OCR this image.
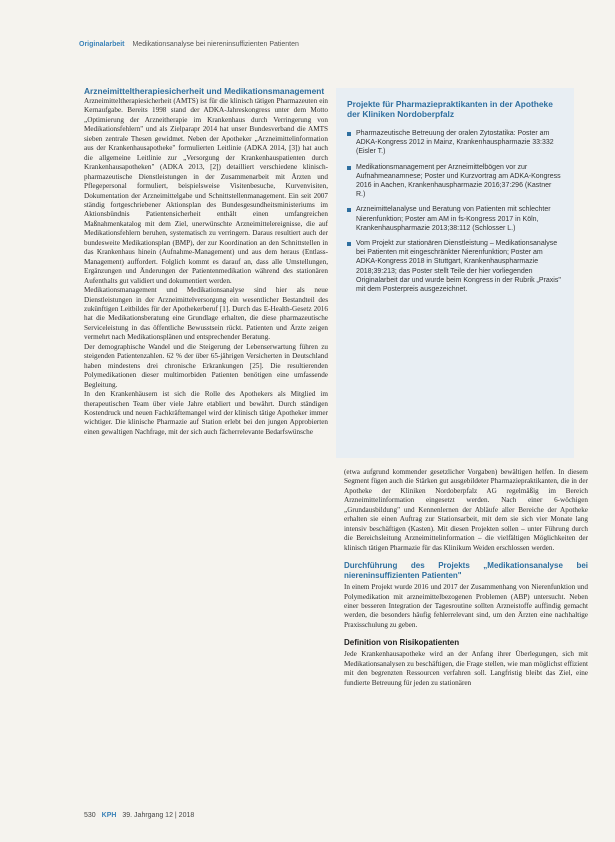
Originalarbeit Medikationsanalyse bei niereninsuffizienten Patienten
Arzneimitteltherapiesicherheit und Medikationsmanagement

Arzneimitteltherapiesicherheit (AMTS) ist für die klinisch tätigen Pharmazeuten ein Kernaufgabe. Bereits 1998 stand der ADKA-Jahreskongress unter dem Motto „Optimierung der Arzneitherapie im Krankenhaus durch Verringerung von Medikationsfehlern" und als Zielparapr 2014 hat unser Bundesverband die AMTS sieben zentrale Thesen gewidmet. Neben der Apotheker „Arzneimittelinformation aus der Krankenhausapotheke" formulierten Leitlinie (ADKA 2014, [3]) hat auch die allgemeine Leitlinie zur „Versorgung der Krankenhauspatienten durch Krankenhausapotheken" (ADKA 2013, [2]) detailliert verschiedene klinisch-pharmazeutische Dienstleistungen in der Zusammenarbeit mit Ärzten und Pflegepersonal formuliert, beispielsweise Visitenbesuche, Kurvenvisiten, Dokumentation der Arzneimittelgabe und Schnittstellenmanagement. Ein seit 2007 ständig fortgeschriebener Aktionsplan des Bundesgesundheitsministeriums im Aktionsbündnis Patientensicherheit enthält einen umfangreichen Maßnahmenkatalog mit dem Ziel, unerwünschte Arzneimittelereignisse, die auf Medikationsfehlern beruhen, systematisch zu verringern. Daraus resultiert auch der bundesweite Medikationsplan (BMP), der zur Koordination an den Schnittstellen in das Krankenhaus hinein (Aufnahme-Management) und aus dem heraus (Entlass-Management) auffordert. Folglich kommt es darauf an, dass alle Umstellungen, Ergänzungen und Änderungen der Patientenmedikation während des stationären Aufenthalts gut validiert und dokumentiert werden.

Medikationsmanagement und Medikationsanalyse sind hier als neue Dienstleistungen in der Arzneimittelversorgung ein wesentlicher Bestandteil des zukünftigen Leitbildes für der Apothekerberuf [1]. Durch das E-Health-Gesetz 2016 hat die Medikationsberatung eine Grundlage erhalten, die diese pharmazeutische Serviceleistung in das öffentliche Bewusstsein rückt. Patienten und Ärzte zeigen vermehrt nach Medikationsplänen und entsprechender Beratung.

Der demographische Wandel und die Steigerung der Lebenserwartung führen zu steigenden Patientenzahlen. 62 % der über 65-jährigen Versicherten in Deutschland haben mindestens drei chronische Erkrankungen [25]. Die resultierenden Polymedikationen dieser multimorbiden Patienten benötigen eine umfassende Begleitung.

In den Krankenhäusern ist sich die Rolle des Apothekers als Mitglied im therapeutischen Team über viele Jahre etabliert und bewährt. Durch ständigen Kostendruck und neuen Fachkräftemangel wird der klinisch tätige Apotheker immer wichtiger. Die klinische Pharmazie auf Station erlebt bei den jungen Approbierten einen gewaltigen Nachfrage, mit der sich auch fächerrelevante Bedarfswünsche

Projekte für Pharmaziepraktikanten in der Apotheke der Kliniken Nordoberpfalz
Pharmazeutische Betreuung der oralen Zytostatika: Poster am ADKA-Kongress 2012 in Mainz, Krankenhauspharmazie 33:332 (Eisler T.)
Medikationsmanagement per Arzneimittelbögen vor zur Aufnahmeanamnese; Poster und Kurzvortrag am ADKA-Kongress 2016 in Aachen, Krankenhauspharmazie 2016;37:296 (Kastner R.)
Arzneimittelanalyse und Beratung von Patienten mit schlechter Nierenfunktion; Poster am AM in fs-Kongress 2017 in Köln, Krankenhauspharmazie 2013;38:112 (Schlosser L.)
Vom Projekt zur stationären Dienstleistung – Medikationsanalyse bei Patienten mit eingeschränkter Nierenfunktion; Poster am ADKA-Kongress 2018 in Stuttgart, Krankenhauspharmazie 2018;39:213; das Poster stellt Teile der hier vorliegenden Originalarbeit dar und wurde beim Kongress in der Rubrik „Praxis" mit dem Posterpreis ausgezeichnet.

(etwa aufgrund kommender gesetzlicher Vorgaben) bewältigen helfen. In diesem Segment fügen auch die Stärken gut ausgebildeter Pharmaziepraktikanten, die in der Apotheke der Kliniken Nordoberpfalz AG regelmäßig im Bereich Arzneimittelinformation eingesetzt werden. Nach einer 6-wöchigen „Grundausbildung" und Kennenlernen der Abläufe aller Bereiche der Apotheke erhalten sie einen Auftrag zur Stationsarbeit, mit dem sie sich vier Monate lang intensiv beschäftigen (Kasten). Mit diesen Projekten sollen – unter Führung durch die Bereichsleitung Arzneimittelinformation – die vielfältigen Möglichkeiten der klinisch tätigen Pharmazie für das Klinikum Weiden erschlossen werden.

Durchführung des Projekts „Medikationsanalyse bei niereninsuffizienten Patienten"

In einem Projekt wurde 2016 und 2017 der Zusammenhang von Nierenfunktion und Polymedikation mit arzneimittelbezogenen Problemen (ABP) untersucht. Neben einer besseren Integration der Tagesroutine sollten Arzneistoffe auffindig gemacht werden, die besonders häufig fehlerrelevant sind, um den Ärzten eine nachhaltige Praxisschulung zu geben.

Definition von Risikopatienten

Jede Krankenhausapotheke wird an der Anfang ihrer Überlegungen, sich mit Medikationsanalysen zu beschäftigen, die Frage stellen, wie man möglichst effizient mit den begrenzten Ressourcen verfahren soll. Langfristig bleibt das Ziel, eine fundierte Betreuung für jeden zu stationären

530 KPH 39. Jahrgang 12 | 2018
